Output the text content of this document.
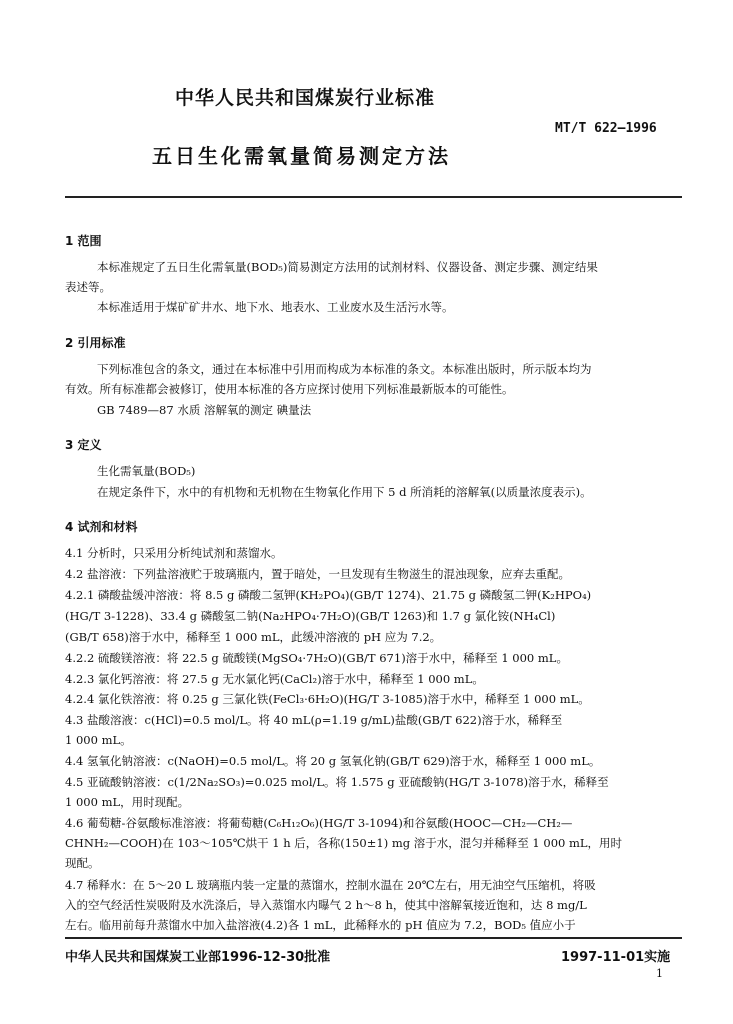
中华人民共和国煤炭行业标准
MT/T 622—1996
五日生化需氧量简易测定方法
1 范围
本标准规定了五日生化需氧量(BOD₅)简易测定方法用的试剂材料、仪器设备、测定步骤、测定结果
表述等。
本标准适用于煤矿矿井水、地下水、地表水、工业废水及生活污水等。
2 引用标准
下列标准包含的条文，通过在本标准中引用而构成为本标准的条文。本标准出版时，所示版本均为
有效。所有标准都会被修订，使用本标准的各方应探讨使用下列标准最新版本的可能性。
GB 7489—87 水质 溶解氧的测定 碘量法
3 定义
生化需氧量(BOD₅)
在规定条件下，水中的有机物和无机物在生物氧化作用下 5 d 所消耗的溶解氧(以质量浓度表示)。
4 试剂和材料
4.1 分析时，只采用分析纯试剂和蒸馏水。
4.2 盐溶液：下列盐溶液贮于玻璃瓶内，置于暗处，一旦发现有生物滋生的混浊现象，应弃去重配。
4.2.1 磷酸盐缓冲溶液：将 8.5 g 磷酸二氢钾(KH₂PO₄)(GB/T 1274)、21.75 g 磷酸氢二钾(K₂HPO₄)
(HG/T 3-1228)、33.4 g 磷酸氢二钠(Na₂HPO₄·7H₂O)(GB/T 1263)和 1.7 g 氯化铵(NH₄Cl)
(GB/T 658)溶于水中，稀释至 1 000 mL，此缓冲溶液的 pH 应为 7.2。
4.2.2 硫酸镁溶液：将 22.5 g 硫酸镁(MgSO₄·7H₂O)(GB/T 671)溶于水中，稀释至 1 000 mL。
4.2.3 氯化钙溶液：将 27.5 g 无水氯化钙(CaCl₂)溶于水中，稀释至 1 000 mL。
4.2.4 氯化铁溶液：将 0.25 g 三氯化铁(FeCl₃·6H₂O)(HG/T 3-1085)溶于水中，稀释至 1 000 mL。
4.3 盐酸溶液：c(HCl)=0.5 mol/L。将 40 mL(ρ=1.19 g/mL)盐酸(GB/T 622)溶于水，稀释至
1 000 mL。
4.4 氢氧化钠溶液：c(NaOH)=0.5 mol/L。将 20 g 氢氧化钠(GB/T 629)溶于水，稀释至 1 000 mL。
4.5 亚硫酸钠溶液：c(1/2Na₂SO₃)=0.025 mol/L。将 1.575 g 亚硫酸钠(HG/T 3-1078)溶于水，稀释至
1 000 mL，用时现配。
4.6 葡萄糖-谷氨酸标准溶液：将葡萄糖(C₆H₁₂O₆)(HG/T 3-1094)和谷氨酸(HOOC—CH₂—CH₂—
CHNH₂—COOH)在 103～105℃烘干 1 h 后，各称(150±1) mg 溶于水，混匀并稀释至 1 000 mL，用时
现配。
4.7 稀释水：在 5～20 L 玻璃瓶内装一定量的蒸馏水，控制水温在 20℃左右，用无油空气压缩机，将吸
入的空气经活性炭吸附及水洗涤后，导入蒸馏水内曝气 2 h～8 h，使其中溶解氧接近饱和，达 8 mg/L
左右。临用前每升蒸馏水中加入盐溶液(4.2)各 1 mL，此稀释水的 pH 值应为 7.2，BOD₅ 值应小于
中华人民共和国煤炭工业部1996-12-30批准	1997-11-01实施
1
